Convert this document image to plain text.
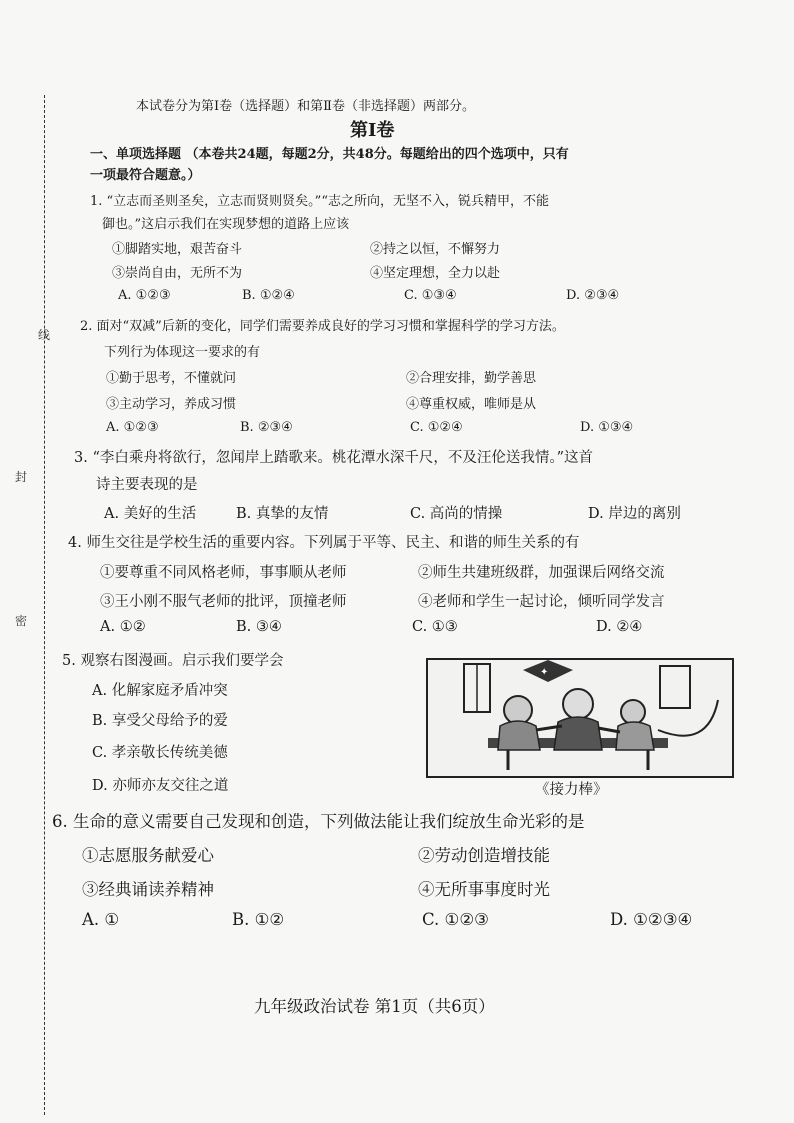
线
封
密
本试卷分为第Ⅰ卷（选择题）和第Ⅱ卷（非选择题）两部分。
第Ⅰ卷
一、单项选择题 （本卷共24题，每题2分，共48分。每题给出的四个选项中，只有
一项最符合题意。）
1. “立志而圣则圣矣，立志而贤则贤矣。”“志之所向，无坚不入，锐兵精甲，不能
御也。”这启示我们在实现梦想的道路上应该
①脚踏实地，艰苦奋斗	②持之以恒，不懈努力
③崇尚自由，无所不为	④坚定理想，全力以赴
A. ①②③	B. ①②④	C. ①③④	D. ②③④
2. 面对“双减”后新的变化，同学们需要养成良好的学习习惯和掌握科学的学习方法。
下列行为体现这一要求的有
①勤于思考，不懂就问	②合理安排，勤学善思
③主动学习，养成习惯	④尊重权威，唯师是从
A. ①②③	B. ②③④	C. ①②④	D. ①③④
3. “李白乘舟将欲行，忽闻岸上踏歌来。桃花潭水深千尺，不及汪伦送我情。”这首
诗主要表现的是
A. 美好的生活	B. 真挚的友情	C. 高尚的情操	D. 岸边的离别
4. 师生交往是学校生活的重要内容。下列属于平等、民主、和谐的师生关系的有
①要尊重不同风格老师，事事顺从老师	②师生共建班级群，加强课后网络交流
③王小刚不服气老师的批评，顶撞老师	④老师和学生一起讨论，倾听同学发言
A. ①②	B. ③④	C. ①③	D. ②④
5. 观察右图漫画。启示我们要学会
A. 化解家庭矛盾冲突
B. 享受父母给予的爱
C. 孝亲敬长传统美德
D. 亦师亦友交往之道
✦
《接力棒》
6. 生命的意义需要自己发现和创造，下列做法能让我们绽放生命光彩的是
①志愿服务献爱心	②劳动创造增技能
③经典诵读养精神	④无所事事度时光
A. ①	B. ①②	C. ①②③	D. ①②③④
九年级政治试卷 第1页（共6页）
